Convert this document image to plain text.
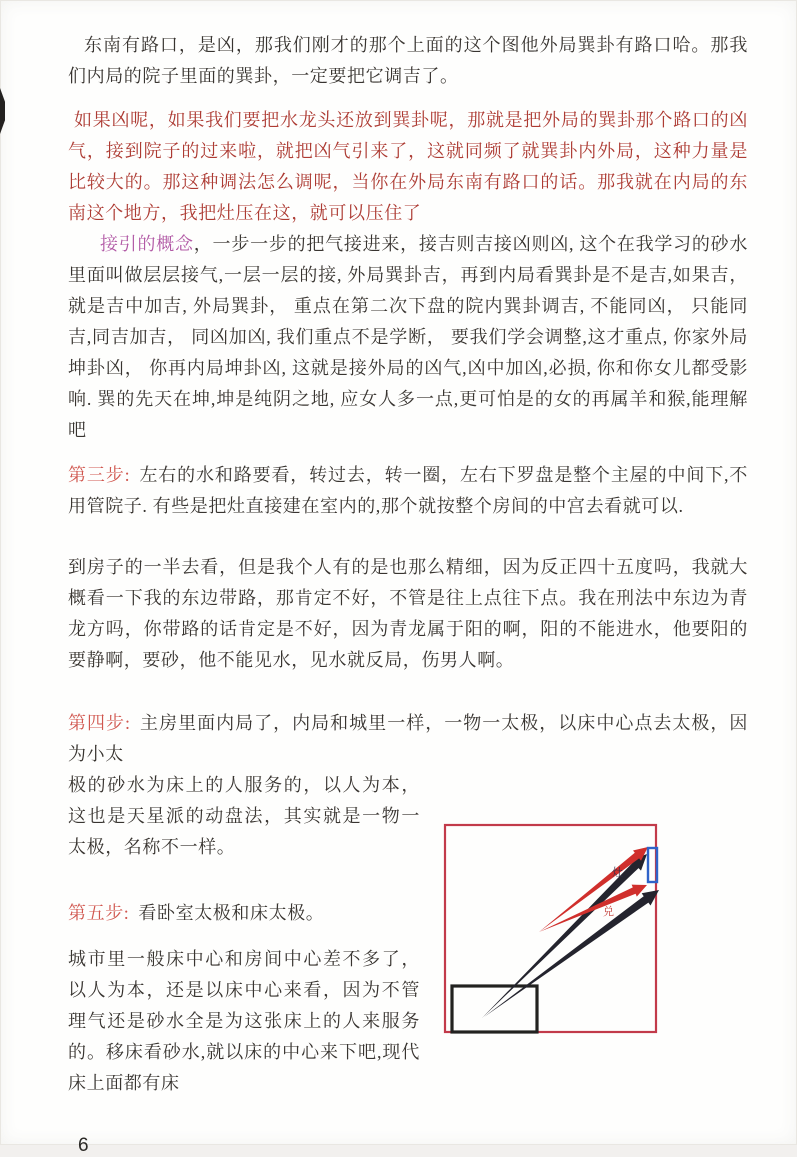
东南有路口，是凶，那我们刚才的那个上面的这个图他外局巽卦有路口哈。那我们内局的院子里面的巽卦，一定要把它调吉了。

如果凶呢，如果我们要把水龙头还放到巽卦呢，那就是把外局的巽卦那个路口的凶气，接到院子的过来啦，就把凶气引来了，这就同频了就巽卦内外局，这种力量是比较大的。那这种调法怎么调呢，当你在外局东南有路口的话。那我就在内局的东南这个地方，我把灶压在这，就可以压住了

接引的概念，一步一步的把气接进来，接吉则吉接凶则凶, 这个在我学习的砂水里面叫做层层接气,一层一层的接, 外局巽卦吉，再到内局看巽卦是不是吉,如果吉， 就是吉中加吉, 外局巽卦， 重点在第二次下盘的院内巽卦调吉, 不能同凶， 只能同吉,同吉加吉， 同凶加凶, 我们重点不是学断， 要我们学会调整,这才重点, 你家外局坤卦凶， 你再内局坤卦凶, 这就是接外局的凶气,凶中加凶,必损, 你和你女儿都受影响. 巽的先天在坤,坤是纯阴之地, 应女人多一点,更可怕是的女的再属羊和猴,能理解吧

第三步: 左右的水和路要看，转过去，转一圈，左右下罗盘是整个主屋的中间下,不用管院子. 有些是把灶直接建在室内的,那个就按整个房间的中宫去看就可以.

到房子的一半去看，但是我个人有的是也那么精细，因为反正四十五度吗，我就大概看一下我的东边带路，那肯定不好，不管是往上点往下点。我在刑法中东边为青龙方吗，你带路的话肯定是不好，因为青龙属于阳的啊，阳的不能进水，他要阳的要静啊，要砂，他不能见水，见水就反局，伤男人啊。

第四步: 主房里面内局了，内局和城里一样，一物一太极，以床中心点去太极，因为小太

极的砂水为床上的人服务的，以人为本，这也是天星派的动盘法，其实就是一物一太极，名称不一样。

第五步: 看卧室太极和床太极。

城市里一般床中心和房间中心差不多了，以人为本，还是以床中心来看，因为不管理气还是砂水全是为这张床上的人来服务的。移床看砂水,就以床的中心来下吧,现代床上面都有床

灶
兑
6
